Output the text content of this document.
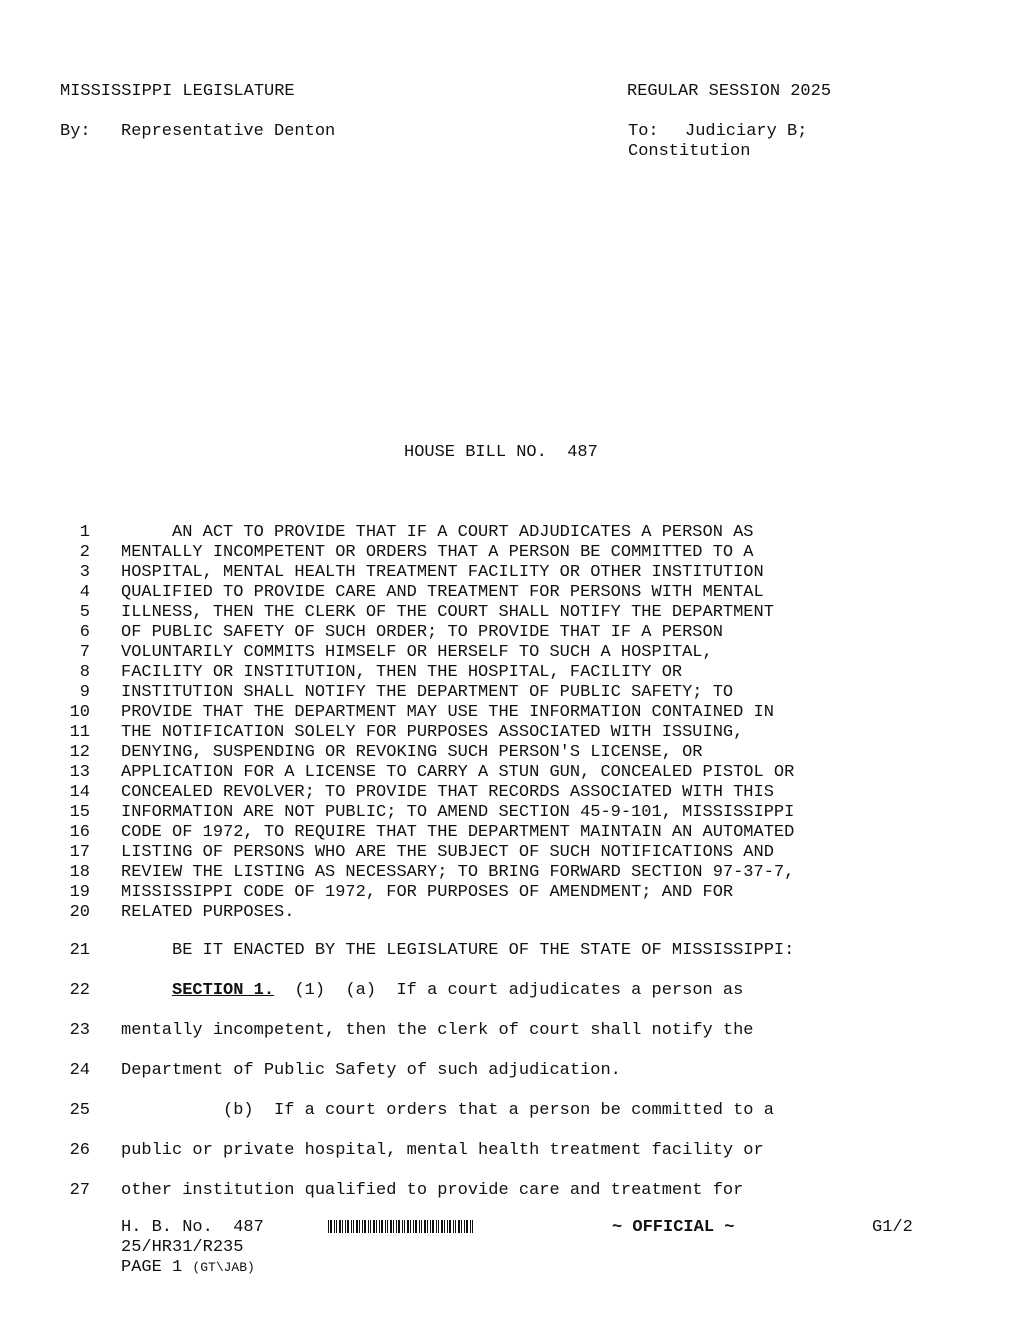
MISSISSIPPI LEGISLATURE	REGULAR SESSION 2025
By: Representative Denton	To: Judiciary B;
Constitution
HOUSE BILL NO.  487
1 AN ACT TO PROVIDE THAT IF A COURT ADJUDICATES A PERSON AS
2 MENTALLY INCOMPETENT OR ORDERS THAT A PERSON BE COMMITTED TO A
3 HOSPITAL, MENTAL HEALTH TREATMENT FACILITY OR OTHER INSTITUTION
4 QUALIFIED TO PROVIDE CARE AND TREATMENT FOR PERSONS WITH MENTAL
5 ILLNESS, THEN THE CLERK OF THE COURT SHALL NOTIFY THE DEPARTMENT
6 OF PUBLIC SAFETY OF SUCH ORDER; TO PROVIDE THAT IF A PERSON
7 VOLUNTARILY COMMITS HIMSELF OR HERSELF TO SUCH A HOSPITAL,
8 FACILITY OR INSTITUTION, THEN THE HOSPITAL, FACILITY OR
9 INSTITUTION SHALL NOTIFY THE DEPARTMENT OF PUBLIC SAFETY; TO
10 PROVIDE THAT THE DEPARTMENT MAY USE THE INFORMATION CONTAINED IN
11 THE NOTIFICATION SOLELY FOR PURPOSES ASSOCIATED WITH ISSUING,
12 DENYING, SUSPENDING OR REVOKING SUCH PERSON'S LICENSE, OR
13 APPLICATION FOR A LICENSE TO CARRY A STUN GUN, CONCEALED PISTOL OR
14 CONCEALED REVOLVER; TO PROVIDE THAT RECORDS ASSOCIATED WITH THIS
15 INFORMATION ARE NOT PUBLIC; TO AMEND SECTION 45-9-101, MISSISSIPPI
16 CODE OF 1972, TO REQUIRE THAT THE DEPARTMENT MAINTAIN AN AUTOMATED
17 LISTING OF PERSONS WHO ARE THE SUBJECT OF SUCH NOTIFICATIONS AND
18 REVIEW THE LISTING AS NECESSARY; TO BRING FORWARD SECTION 97-37-7,
19 MISSISSIPPI CODE OF 1972, FOR PURPOSES OF AMENDMENT; AND FOR
20 RELATED PURPOSES.
21 BE IT ENACTED BY THE LEGISLATURE OF THE STATE OF MISSISSIPPI:
22	SECTION 1.  (1)  (a)  If a court adjudicates a person as
23 mentally incompetent, then the clerk of court shall notify the
24 Department of Public Safety of such adjudication.
25 (b)  If a court orders that a person be committed to a
26 public or private hospital, mental health treatment facility or
27 other institution qualified to provide care and treatment for
H. B. No.  487	~ OFFICIAL ~	G1/2
25/HR31/R235
PAGE 1 (GT\JAB)
